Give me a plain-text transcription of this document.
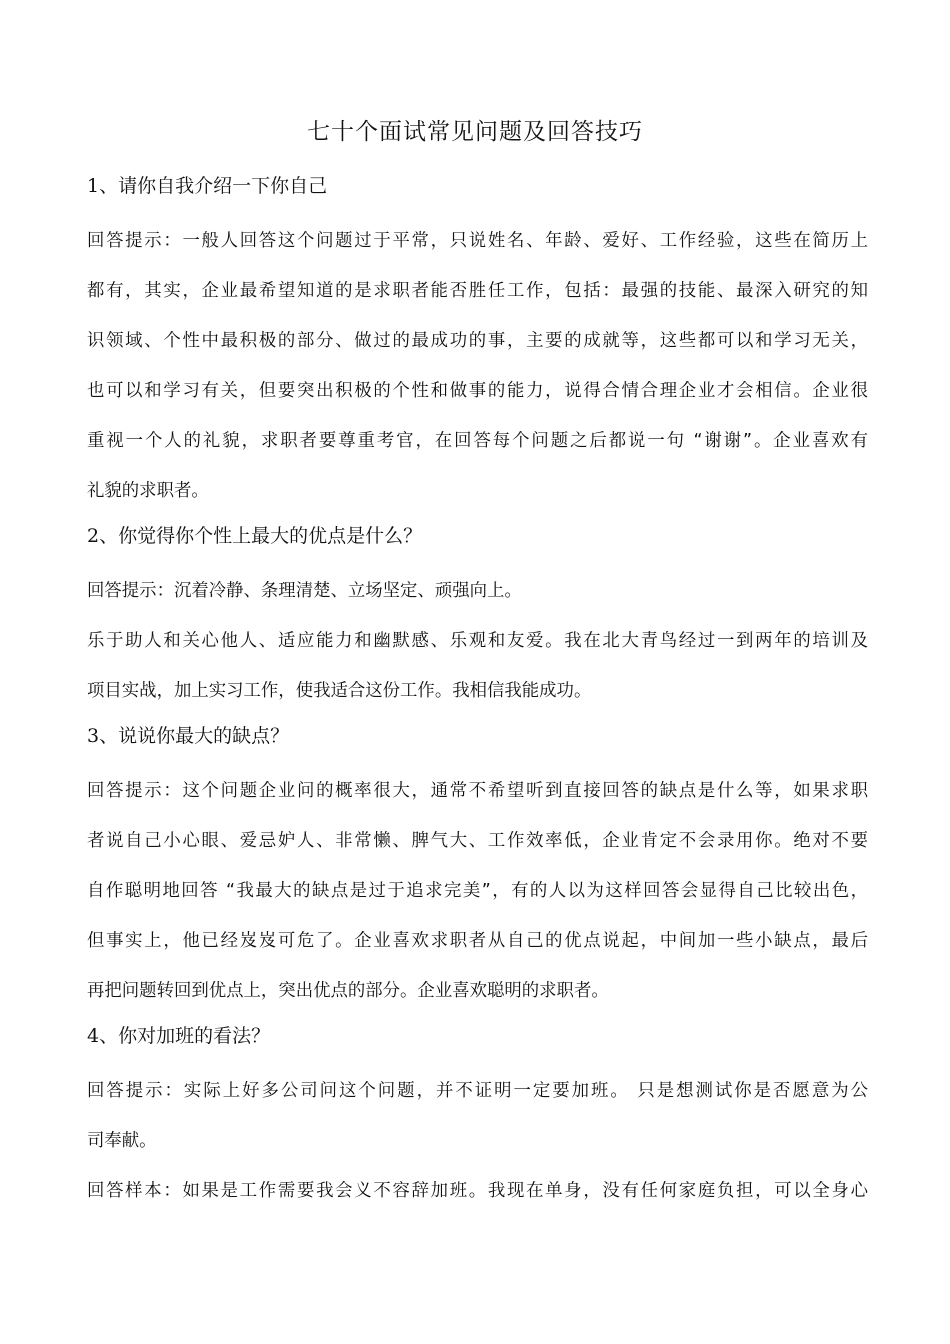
七十个面试常见问题及回答技巧
1、请你自我介绍一下你自己
回答提示：一般人回答这个问题过于平常，只说姓名、年龄、爱好、工作经验，这些在简历上
都有，其实，企业最希望知道的是求职者能否胜任工作，包括：最强的技能、最深入研究的知
识领域、个性中最积极的部分、做过的最成功的事，主要的成就等，这些都可以和学习无关，
也可以和学习有关，但要突出积极的个性和做事的能力，说得合情合理企业才会相信。企业很
重视一个人的礼貌，求职者要尊重考官，在回答每个问题之后都说一句 “谢谢”。企业喜欢有
礼貌的求职者。
2、你觉得你个性上最大的优点是什么？
回答提示：沉着冷静、条理清楚、立场坚定、顽强向上。
乐于助人和关心他人、适应能力和幽默感、乐观和友爱。我在北大青鸟经过一到两年的培训及
项目实战，加上实习工作，使我适合这份工作。我相信我能成功。
3、说说你最大的缺点？
回答提示：这个问题企业问的概率很大，通常不希望听到直接回答的缺点是什么等，如果求职
者说自己小心眼、爱忌妒人、非常懒、脾气大、工作效率低，企业肯定不会录用你。绝对不要
自作聪明地回答 “我最大的缺点是过于追求完美”，有的人以为这样回答会显得自己比较出色，
但事实上，他已经岌岌可危了。企业喜欢求职者从自己的优点说起，中间加一些小缺点，最后
再把问题转回到优点上，突出优点的部分。企业喜欢聪明的求职者。
4、你对加班的看法？
回答提示：实际上好多公司问这个问题，并不证明一定要加班。 只是想测试你是否愿意为公
司奉献。
回答样本：如果是工作需要我会义不容辞加班。我现在单身，没有任何家庭负担，可以全身心
